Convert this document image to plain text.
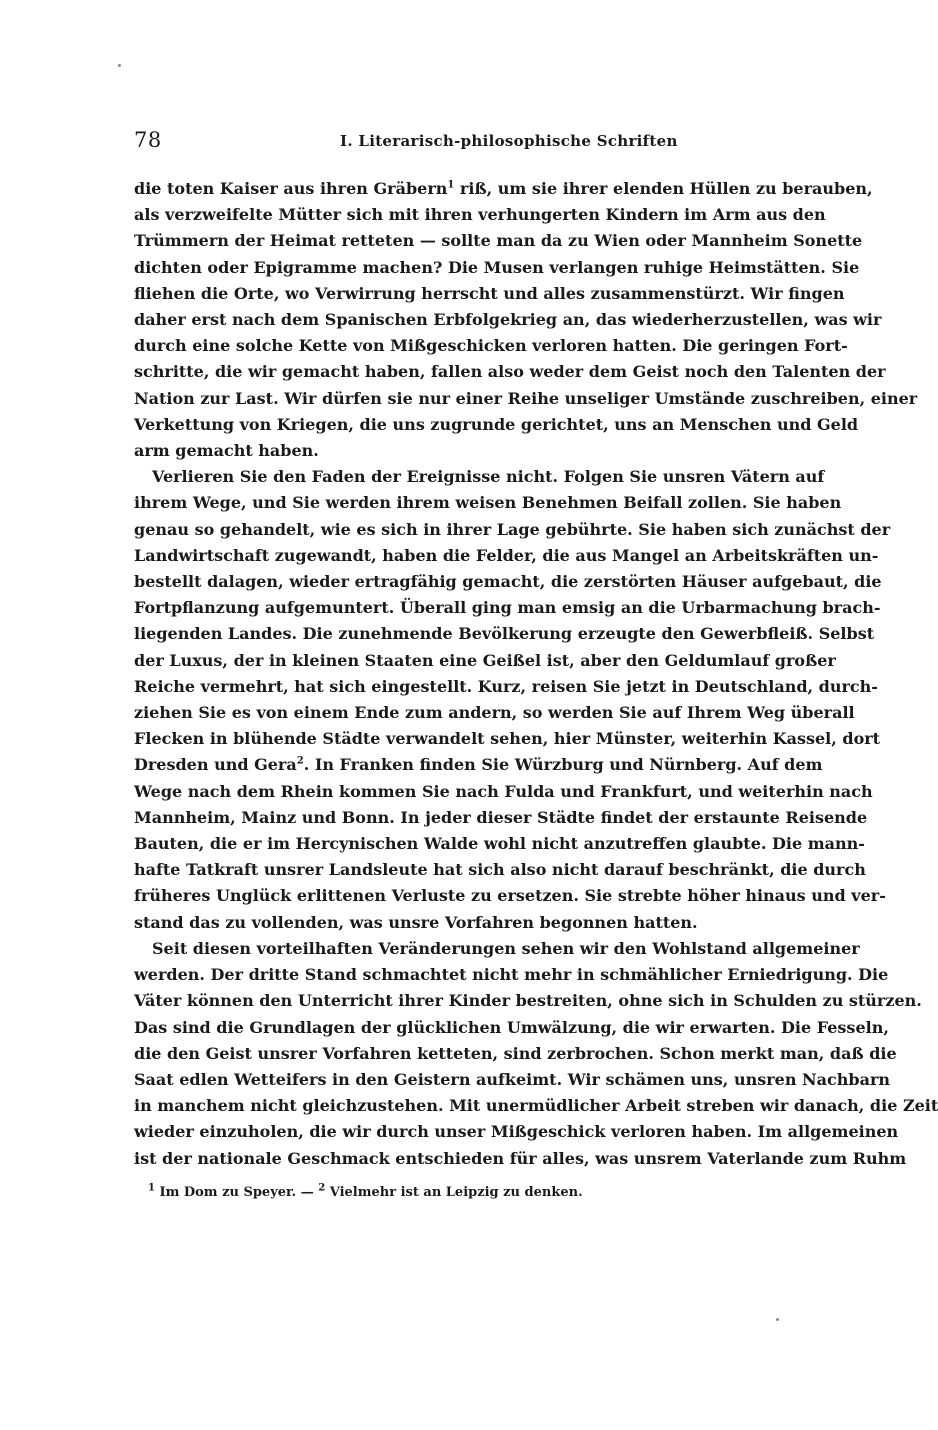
78	I. Literarisch-philosophische Schriften

die toten Kaiser aus ihren Gräbern$^1$ riß, um sie ihrer elenden Hüllen zu berauben,
als verzweifelte Mütter sich mit ihren verhungerten Kindern im Arm aus den
Trümmern der Heimat retteten — sollte man da zu Wien oder Mannheim Sonette
dichten oder Epigramme machen? Die Musen verlangen ruhige Heimstätten. Sie
fliehen die Orte, wo Verwirrung herrscht und alles zusammenstürzt. Wir fingen
daher erst nach dem Spanischen Erbfolgekrieg an, das wiederherzustellen, was wir
durch eine solche Kette von Mißgeschicken verloren hatten. Die geringen Fort-
schritte, die wir gemacht haben, fallen also weder dem Geist noch den Talenten der
Nation zur Last. Wir dürfen sie nur einer Reihe unseliger Umstände zuschreiben, einer
Verkettung von Kriegen, die uns zugrunde gerichtet, uns an Menschen und Geld
arm gemacht haben.

Verlieren Sie den Faden der Ereignisse nicht. Folgen Sie unsren Vätern auf
ihrem Wege, und Sie werden ihrem weisen Benehmen Beifall zollen. Sie haben
genau so gehandelt, wie es sich in ihrer Lage gebührte. Sie haben sich zunächst der
Landwirtschaft zugewandt, haben die Felder, die aus Mangel an Arbeitskräften un-
bestellt dalagen, wieder ertragfähig gemacht, die zerstörten Häuser aufgebaut, die
Fortpflanzung aufgemuntert. Überall ging man emsig an die Urbarmachung brach-
liegenden Landes. Die zunehmende Bevölkerung erzeugte den Gewerbfleiß. Selbst
der Luxus, der in kleinen Staaten eine Geißel ist, aber den Geldumlauf großer
Reiche vermehrt, hat sich eingestellt. Kurz, reisen Sie jetzt in Deutschland, durch-
ziehen Sie es von einem Ende zum andern, so werden Sie auf Ihrem Weg überall
Flecken in blühende Städte verwandelt sehen, hier Münster, weiterhin Kassel, dort
Dresden und Gera$^2$. In Franken finden Sie Würzburg und Nürnberg. Auf dem
Wege nach dem Rhein kommen Sie nach Fulda und Frankfurt, und weiterhin nach
Mannheim, Mainz und Bonn. In jeder dieser Städte findet der erstaunte Reisende
Bauten, die er im Hercynischen Walde wohl nicht anzutreffen glaubte. Die mann-
hafte Tatkraft unsrer Landsleute hat sich also nicht darauf beschränkt, die durch
früheres Unglück erlittenen Verluste zu ersetzen. Sie strebte höher hinaus und ver-
stand das zu vollenden, was unsre Vorfahren begonnen hatten.

Seit diesen vorteilhaften Veränderungen sehen wir den Wohlstand allgemeiner
werden. Der dritte Stand schmachtet nicht mehr in schmählicher Erniedrigung. Die
Väter können den Unterricht ihrer Kinder bestreiten, ohne sich in Schulden zu stürzen.
Das sind die Grundlagen der glücklichen Umwälzung, die wir erwarten. Die Fesseln,
die den Geist unsrer Vorfahren ketteten, sind zerbrochen. Schon merkt man, daß die
Saat edlen Wetteifers in den Geistern aufkeimt. Wir schämen uns, unsren Nachbarn
in manchem nicht gleichzustehen. Mit unermüdlicher Arbeit streben wir danach, die Zeit
wieder einzuholen, die wir durch unser Mißgeschick verloren haben. Im allgemeinen
ist der nationale Geschmack entschieden für alles, was unsrem Vaterlande zum Ruhm

$^1$ Im Dom zu Speyer. — $^2$ Vielmehr ist an Leipzig zu denken.
